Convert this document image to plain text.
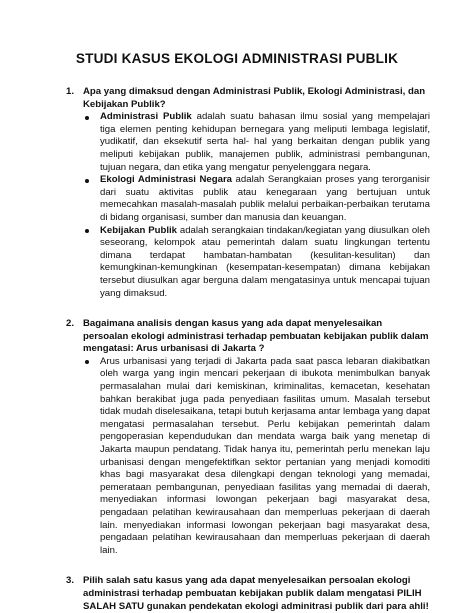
STUDI KASUS EKOLOGI ADMINISTRASI PUBLIK
1. Apa yang dimaksud dengan Administrasi Publik, Ekologi Administrasi, dan Kebijakan Publik?
Administrasi Publik adalah suatu bahasan ilmu sosial yang mempelajari tiga elemen penting kehidupan bernegara yang meliputi lembaga legislatif, yudikatif, dan eksekutif serta hal- hal yang berkaitan dengan publik yang meliputi kebijakan publik, manajemen publik, administrasi pembangunan, tujuan negara, dan etika yang mengatur penyelenggara negara.
Ekologi Administrasi Negara adalah Serangkaian proses yang terorganisir dari suatu aktivitas publik atau kenegaraan yang bertujuan untuk memecahkan masalah-masalah publik melalui perbaikan-perbaikan terutama di bidang organisasi, sumber dan manusia dan keuangan.
Kebijakan Publik adalah serangkaian tindakan/kegiatan yang diusulkan oleh seseorang, kelompok atau pemerintah dalam suatu lingkungan tertentu dimana terdapat hambatan-hambatan (kesulitan-kesulitan) dan kemungkinan-kemungkinan (kesempatan-kesempatan) dimana kebijakan tersebut diusulkan agar berguna dalam mengatasinya untuk mencapai tujuan yang dimaksud.
2. Bagaimana analisis dengan kasus yang ada dapat menyelesaikan persoalan ekologi administrasi terhadap pembuatan kebijakan publik dalam mengatasi: Arus urbanisasi di Jakarta ?
Arus urbanisasi yang terjadi di Jakarta pada saat pasca lebaran diakibatkan oleh warga yang ingin mencari pekerjaan di ibukota menimbulkan banyak permasalahan mulai dari kemiskinan, kriminalitas, kemacetan, kesehatan bahkan berakibat juga pada penyediaan fasilitas umum. Masalah tersebut tidak mudah diselesaikana, tetapi butuh kerjasama antar lembaga yang dapat mengatasi permasalahan tersebut. Perlu kebijakan pemerintah dalam pengoperasian kependudukan dan mendata warga baik yang menetap di Jakarta maupun pendatang. Tidak hanya itu, pemerintah perlu menekan laju urbanisasi dengan mengefektifkan sektor pertanian yang menjadi komoditi khas bagi masyarakat desa dilengkapi dengan teknologi yang memadai, pemerataan pembangunan, penyediaan fasilitas yang memadai di daerah, menyediakan informasi lowongan pekerjaan bagi masyarakat desa, pengadaan pelatihan kewirausahaan dan memperluas pekerjaan di daerah lain. menyediakan informasi lowongan pekerjaan bagi masyarakat desa, pengadaan pelatihan kewirausahaan dan memperluas pekerjaan di daerah lain.
3. Pilih salah satu kasus yang ada dapat menyelesaikan persoalan ekologi administrasi terhadap pembuatan kebijakan publik dalam mengatasi PILIH SALAH SATU gunakan pendekatan ekologi adminitrasi publik dari para ahli!
